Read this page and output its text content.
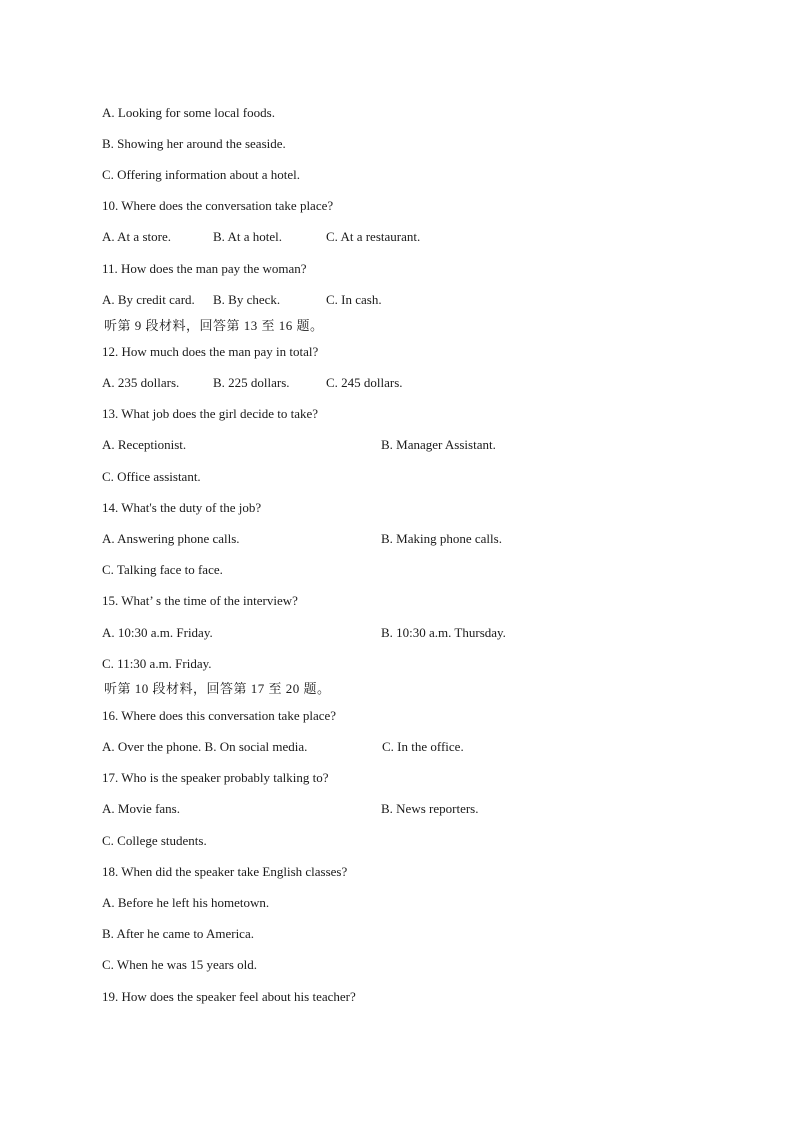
A. Looking for some local foods.
B. Showing her around the seaside.
C. Offering information about a hotel.
10. Where does the conversation take place?
A. At a store.	B. At a hotel.	C. At a restaurant.
11. How does the man pay the woman?
A. By credit card. B. By check.	C. In cash.
听第 9 段材料，回答第 13 至 16 题。
12. How much does the man pay in total?
A. 235 dollars.	B. 225 dollars.	C. 245 dollars.
13. What job does the girl decide to take?
A. Receptionist.	B. Manager Assistant.
C. Office assistant.
14. What's the duty of the job?
A. Answering phone calls.	B. Making phone calls.
C. Talking face to face.
15. What’ s the time of the interview?
A. 10:30 a.m. Friday.	B. 10:30 a.m. Thursday.
C. 11:30 a.m. Friday.
听第 10 段材料，回答第 17 至 20 题。
16. Where does this conversation take place?
A. Over the phone. B. On social media.	C. In the office.
17. Who is the speaker probably talking to?
A. Movie fans.	B. News reporters.
C. College students.
18. When did the speaker take English classes?
A. Before he left his hometown.
B. After he came to America.
C. When he was 15 years old.
19. How does the speaker feel about his teacher?
